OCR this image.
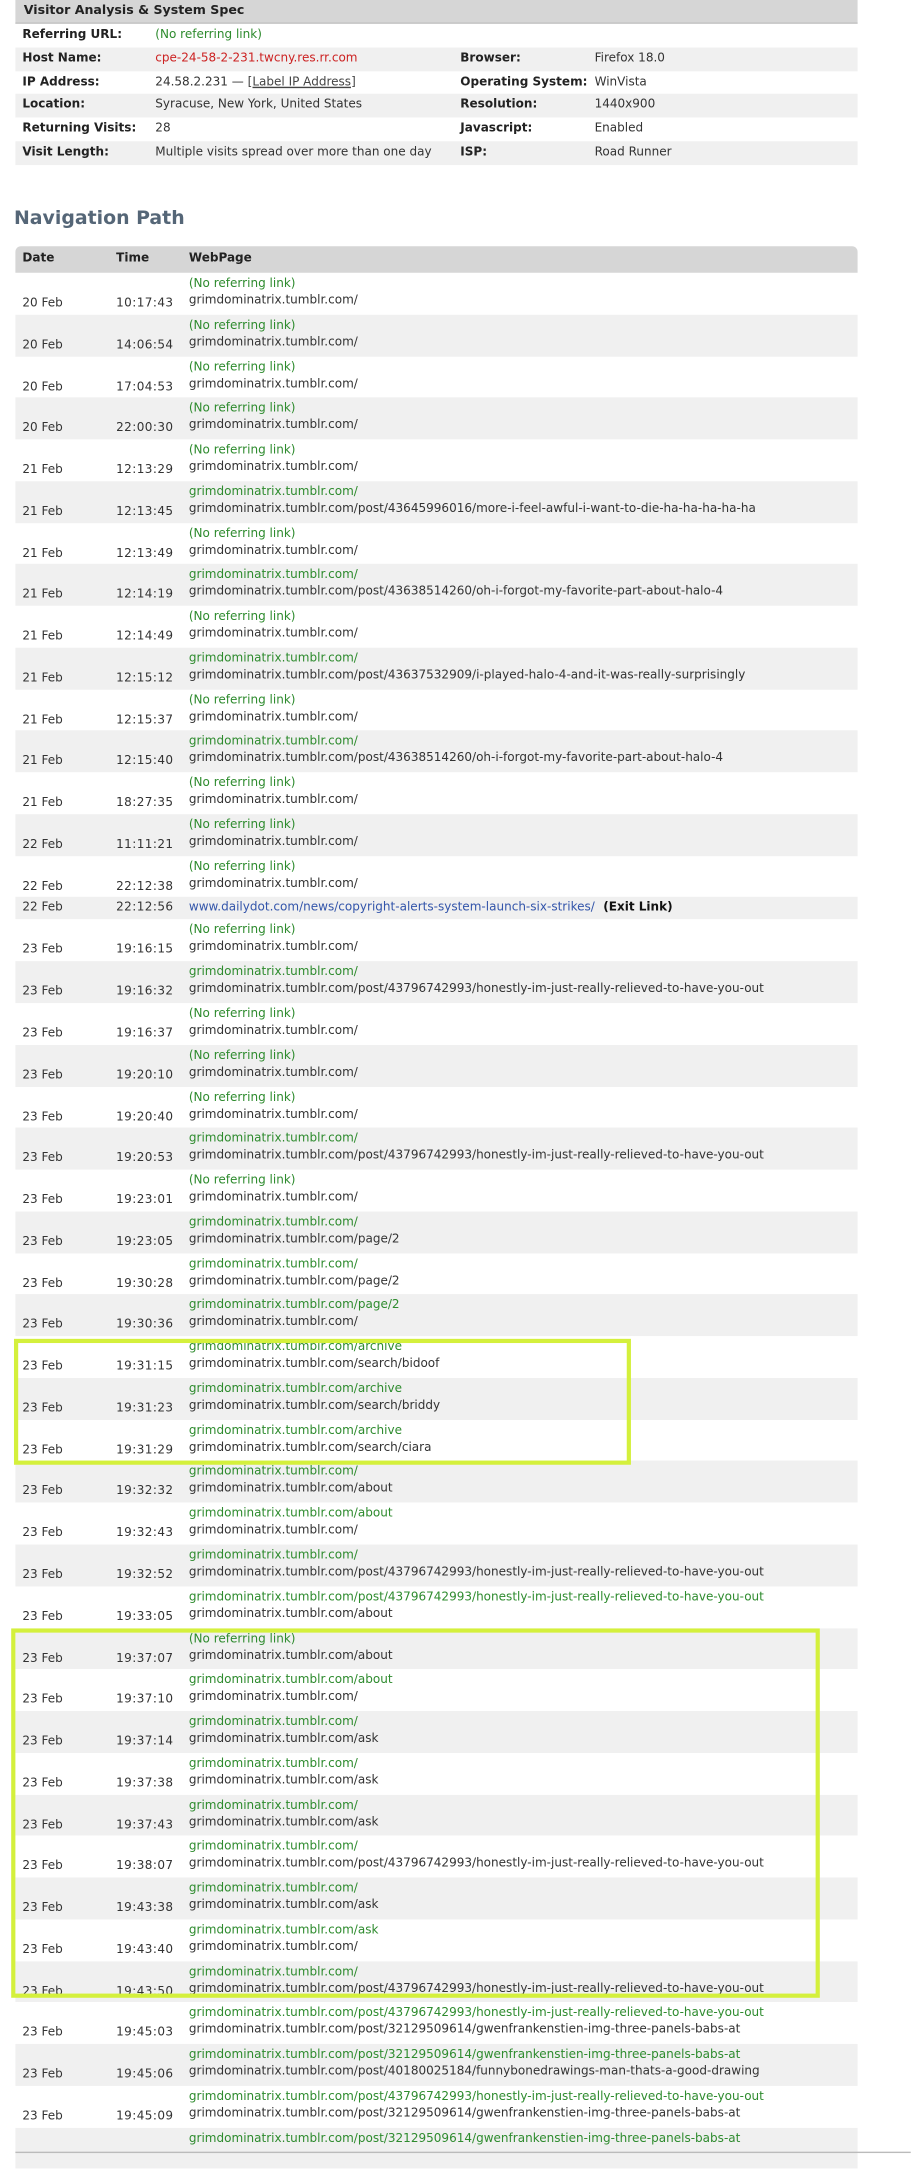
Visitor Analysis & System Spec
Referring URL:	(No referring link)
Host Name:	cpe-24-58-2-231.twcny.res.rr.com	Browser:	Firefox 18.0
IP Address:	24.58.2.231 — [Label IP Address]	Operating System: WinVista
Location:	Syracuse, New York, United States	Resolution:	1440x900
Returning Visits: 28	Javascript:	Enabled
Visit Length:	Multiple visits spread over more than one day	ISP:	Road Runner
Navigation Path
Date	Time	WebPage
20 Feb	10:17:43
(No referring link)
grimdominatrix.tumblr.com/
20 Feb	14:06:54
(No referring link)
grimdominatrix.tumblr.com/
20 Feb	17:04:53
(No referring link)
grimdominatrix.tumblr.com/
20 Feb	22:00:30
(No referring link)
grimdominatrix.tumblr.com/
21 Feb	12:13:29
(No referring link)
grimdominatrix.tumblr.com/
21 Feb	12:13:45
grimdominatrix.tumblr.com/
grimdominatrix.tumblr.com/post/43645996016/more-i-feel-awful-i-want-to-die-ha-ha-ha-ha-ha
21 Feb	12:13:49
(No referring link)
grimdominatrix.tumblr.com/
21 Feb	12:14:19
grimdominatrix.tumblr.com/
grimdominatrix.tumblr.com/post/43638514260/oh-i-forgot-my-favorite-part-about-halo-4
21 Feb	12:14:49
(No referring link)
grimdominatrix.tumblr.com/
21 Feb	12:15:12
grimdominatrix.tumblr.com/
grimdominatrix.tumblr.com/post/43637532909/i-played-halo-4-and-it-was-really-surprisingly
21 Feb	12:15:37
(No referring link)
grimdominatrix.tumblr.com/
21 Feb	12:15:40
grimdominatrix.tumblr.com/
grimdominatrix.tumblr.com/post/43638514260/oh-i-forgot-my-favorite-part-about-halo-4
21 Feb	18:27:35
(No referring link)
grimdominatrix.tumblr.com/
22 Feb	11:11:21
(No referring link)
grimdominatrix.tumblr.com/
22 Feb	22:12:38
(No referring link)
grimdominatrix.tumblr.com/
22 Feb	22:12:56 www.dailydot.com/news/copyright-alerts-system-launch-six-strikes/ (Exit Link)
23 Feb	19:16:15
(No referring link)
grimdominatrix.tumblr.com/
23 Feb	19:16:32
grimdominatrix.tumblr.com/
grimdominatrix.tumblr.com/post/43796742993/honestly-im-just-really-relieved-to-have-you-out
23 Feb	19:16:37
(No referring link)
grimdominatrix.tumblr.com/
23 Feb	19:20:10
(No referring link)
grimdominatrix.tumblr.com/
23 Feb	19:20:40
(No referring link)
grimdominatrix.tumblr.com/
23 Feb	19:20:53
grimdominatrix.tumblr.com/
grimdominatrix.tumblr.com/post/43796742993/honestly-im-just-really-relieved-to-have-you-out
23 Feb	19:23:01
(No referring link)
grimdominatrix.tumblr.com/
23 Feb	19:23:05
grimdominatrix.tumblr.com/
grimdominatrix.tumblr.com/page/2
23 Feb	19:30:28
grimdominatrix.tumblr.com/
grimdominatrix.tumblr.com/page/2
23 Feb	19:30:36
grimdominatrix.tumblr.com/page/2
grimdominatrix.tumblr.com/
23 Feb	19:31:15
grimdominatrix.tumblr.com/archive
grimdominatrix.tumblr.com/search/bidoof
23 Feb	19:31:23
grimdominatrix.tumblr.com/archive
grimdominatrix.tumblr.com/search/briddy
23 Feb	19:31:29
grimdominatrix.tumblr.com/archive
grimdominatrix.tumblr.com/search/ciara
23 Feb	19:32:32
grimdominatrix.tumblr.com/
grimdominatrix.tumblr.com/about
23 Feb	19:32:43
grimdominatrix.tumblr.com/about
grimdominatrix.tumblr.com/
23 Feb	19:32:52
grimdominatrix.tumblr.com/
grimdominatrix.tumblr.com/post/43796742993/honestly-im-just-really-relieved-to-have-you-out
23 Feb	19:33:05
grimdominatrix.tumblr.com/post/43796742993/honestly-im-just-really-relieved-to-have-you-out
grimdominatrix.tumblr.com/about
23 Feb	19:37:07
(No referring link)
grimdominatrix.tumblr.com/about
23 Feb	19:37:10
grimdominatrix.tumblr.com/about
grimdominatrix.tumblr.com/
23 Feb	19:37:14
grimdominatrix.tumblr.com/
grimdominatrix.tumblr.com/ask
23 Feb	19:37:38
grimdominatrix.tumblr.com/
grimdominatrix.tumblr.com/ask
23 Feb	19:37:43
grimdominatrix.tumblr.com/
grimdominatrix.tumblr.com/ask
23 Feb	19:38:07
grimdominatrix.tumblr.com/
grimdominatrix.tumblr.com/post/43796742993/honestly-im-just-really-relieved-to-have-you-out
23 Feb	19:43:38
grimdominatrix.tumblr.com/
grimdominatrix.tumblr.com/ask
23 Feb	19:43:40
grimdominatrix.tumblr.com/ask
grimdominatrix.tumblr.com/
23 Feb	19:43:50
grimdominatrix.tumblr.com/
grimdominatrix.tumblr.com/post/43796742993/honestly-im-just-really-relieved-to-have-you-out
23 Feb	19:45:03
grimdominatrix.tumblr.com/post/43796742993/honestly-im-just-really-relieved-to-have-you-out
grimdominatrix.tumblr.com/post/32129509614/gwenfrankenstien-img-three-panels-babs-at
23 Feb	19:45:06
grimdominatrix.tumblr.com/post/32129509614/gwenfrankenstien-img-three-panels-babs-at
grimdominatrix.tumblr.com/post/40180025184/funnybonedrawings-man-thats-a-good-drawing
23 Feb	19:45:09
grimdominatrix.tumblr.com/post/43796742993/honestly-im-just-really-relieved-to-have-you-out
grimdominatrix.tumblr.com/post/32129509614/gwenfrankenstien-img-three-panels-babs-at
grimdominatrix.tumblr.com/post/32129509614/gwenfrankenstien-img-three-panels-babs-at
